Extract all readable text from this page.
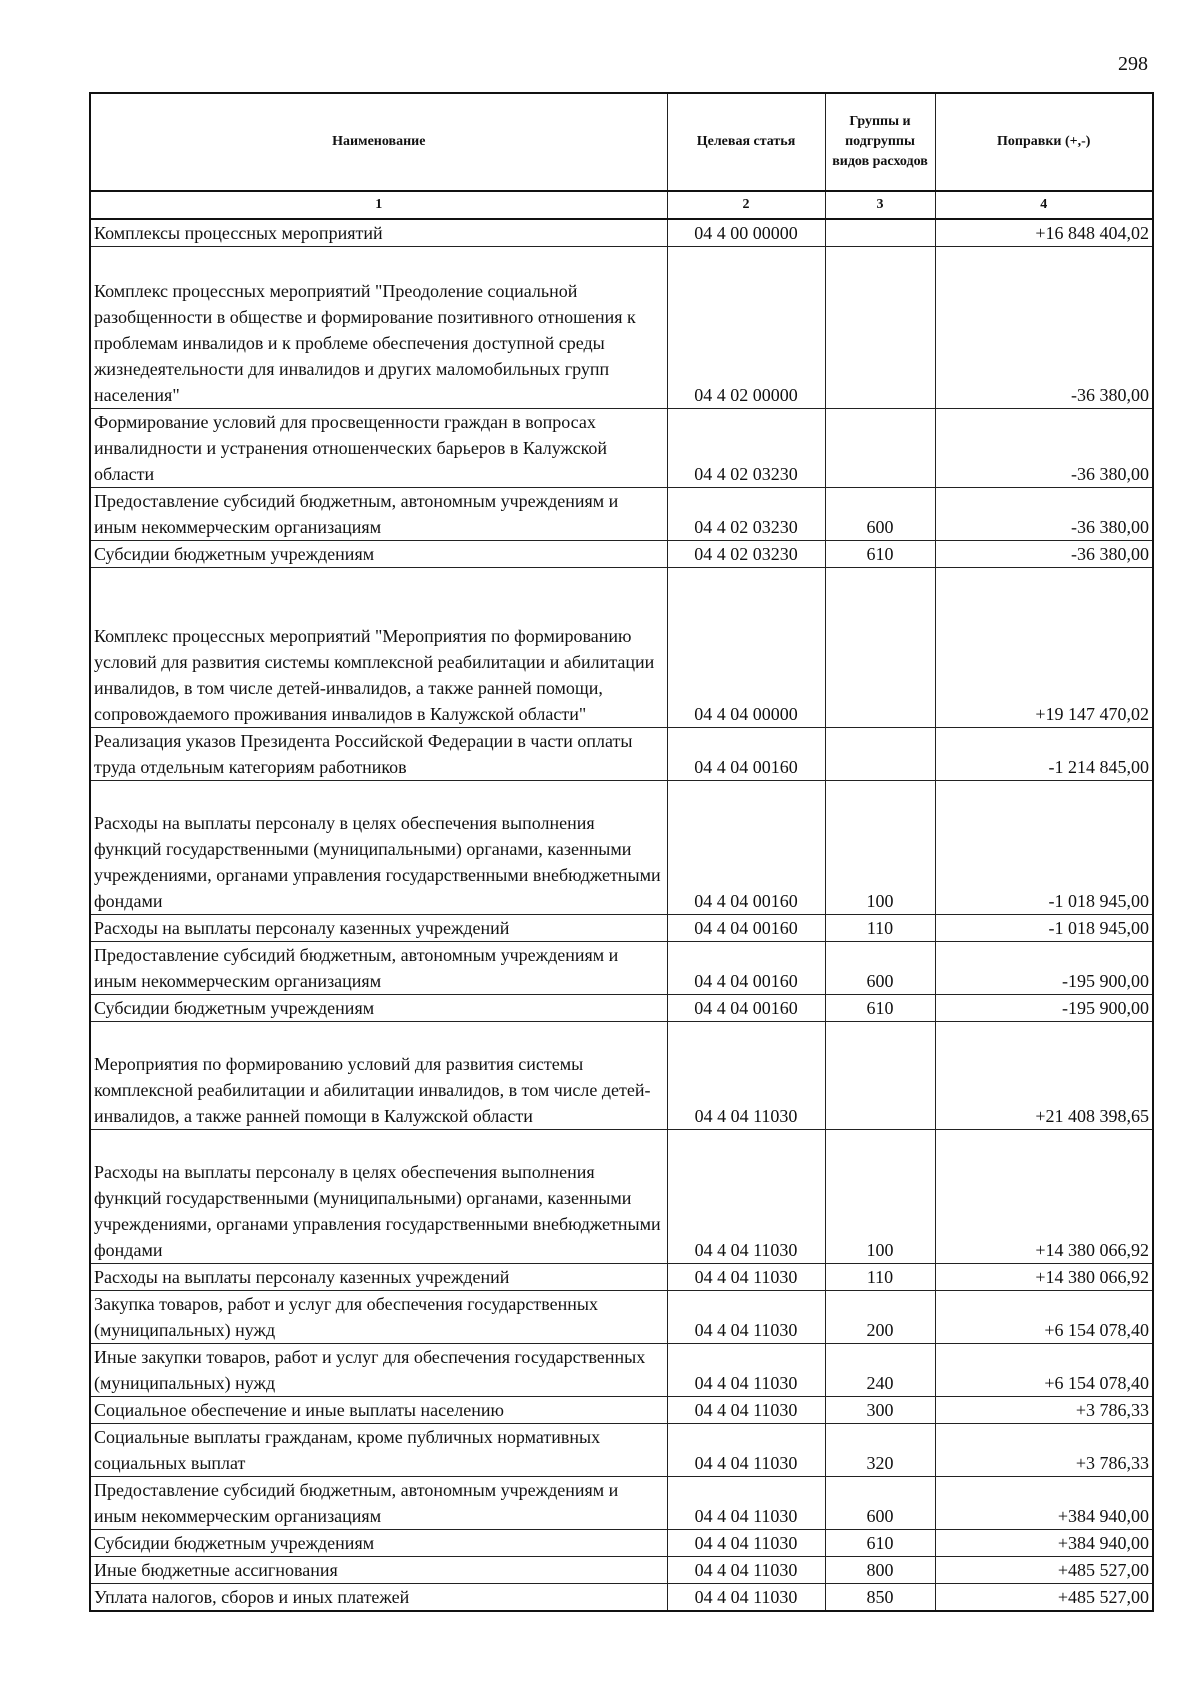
298
Наименование	Целевая статья	Группы и подгруппы видов расходов	Поправки (+,-)
1	2	3	4
Комплексы процессных мероприятий	04 4 00 00000		+16 848 404,02
Комплекс процессных мероприятий "Преодоление социальной разобщенности в обществе и формирование позитивного отношения к проблемам инвалидов и к проблеме обеспечения доступной среды жизнедеятельности для инвалидов и других маломобильных групп населения"	04 4 02 00000		-36 380,00
Формирование условий для просвещенности граждан в вопросах инвалидности и устранения отношенческих барьеров в Калужской области	04 4 02 03230		-36 380,00
Предоставление субсидий бюджетным, автономным учреждениям и иным некоммерческим организациям	04 4 02 03230	600	-36 380,00
Субсидии бюджетным учреждениям	04 4 02 03230	610	-36 380,00
Комплекс процессных мероприятий "Мероприятия по формированию условий для развития системы комплексной реабилитации и абилитации инвалидов, в том числе детей-инвалидов, а также ранней помощи, сопровождаемого проживания инвалидов в Калужской области"	04 4 04 00000		+19 147 470,02
Реализация указов Президента Российской Федерации в части оплаты труда отдельным категориям работников	04 4 04 00160		-1 214 845,00
Расходы на выплаты персоналу в целях обеспечения выполнения функций государственными (муниципальными) органами, казенными учреждениями, органами управления государственными внебюджетными фондами	04 4 04 00160	100	-1 018 945,00
Расходы на выплаты персоналу казенных учреждений	04 4 04 00160	110	-1 018 945,00
Предоставление субсидий бюджетным, автономным учреждениям и иным некоммерческим организациям	04 4 04 00160	600	-195 900,00
Субсидии бюджетным учреждениям	04 4 04 00160	610	-195 900,00
Мероприятия по формированию условий для развития системы комплексной реабилитации и абилитации инвалидов, в том числе детей-инвалидов, а также ранней помощи в Калужской области	04 4 04 11030		+21 408 398,65
Расходы на выплаты персоналу в целях обеспечения выполнения функций государственными (муниципальными) органами, казенными учреждениями, органами управления государственными внебюджетными фондами	04 4 04 11030	100	+14 380 066,92
Расходы на выплаты персоналу казенных учреждений	04 4 04 11030	110	+14 380 066,92
Закупка товаров, работ и услуг для обеспечения государственных (муниципальных) нужд	04 4 04 11030	200	+6 154 078,40
Иные закупки товаров, работ и услуг для обеспечения государственных (муниципальных) нужд	04 4 04 11030	240	+6 154 078,40
Социальное обеспечение и иные выплаты населению	04 4 04 11030	300	+3 786,33
Социальные выплаты гражданам, кроме публичных нормативных социальных выплат	04 4 04 11030	320	+3 786,33
Предоставление субсидий бюджетным, автономным учреждениям и иным некоммерческим организациям	04 4 04 11030	600	+384 940,00
Субсидии бюджетным учреждениям	04 4 04 11030	610	+384 940,00
Иные бюджетные ассигнования	04 4 04 11030	800	+485 527,00
Уплата налогов, сборов и иных платежей	04 4 04 11030	850	+485 527,00
